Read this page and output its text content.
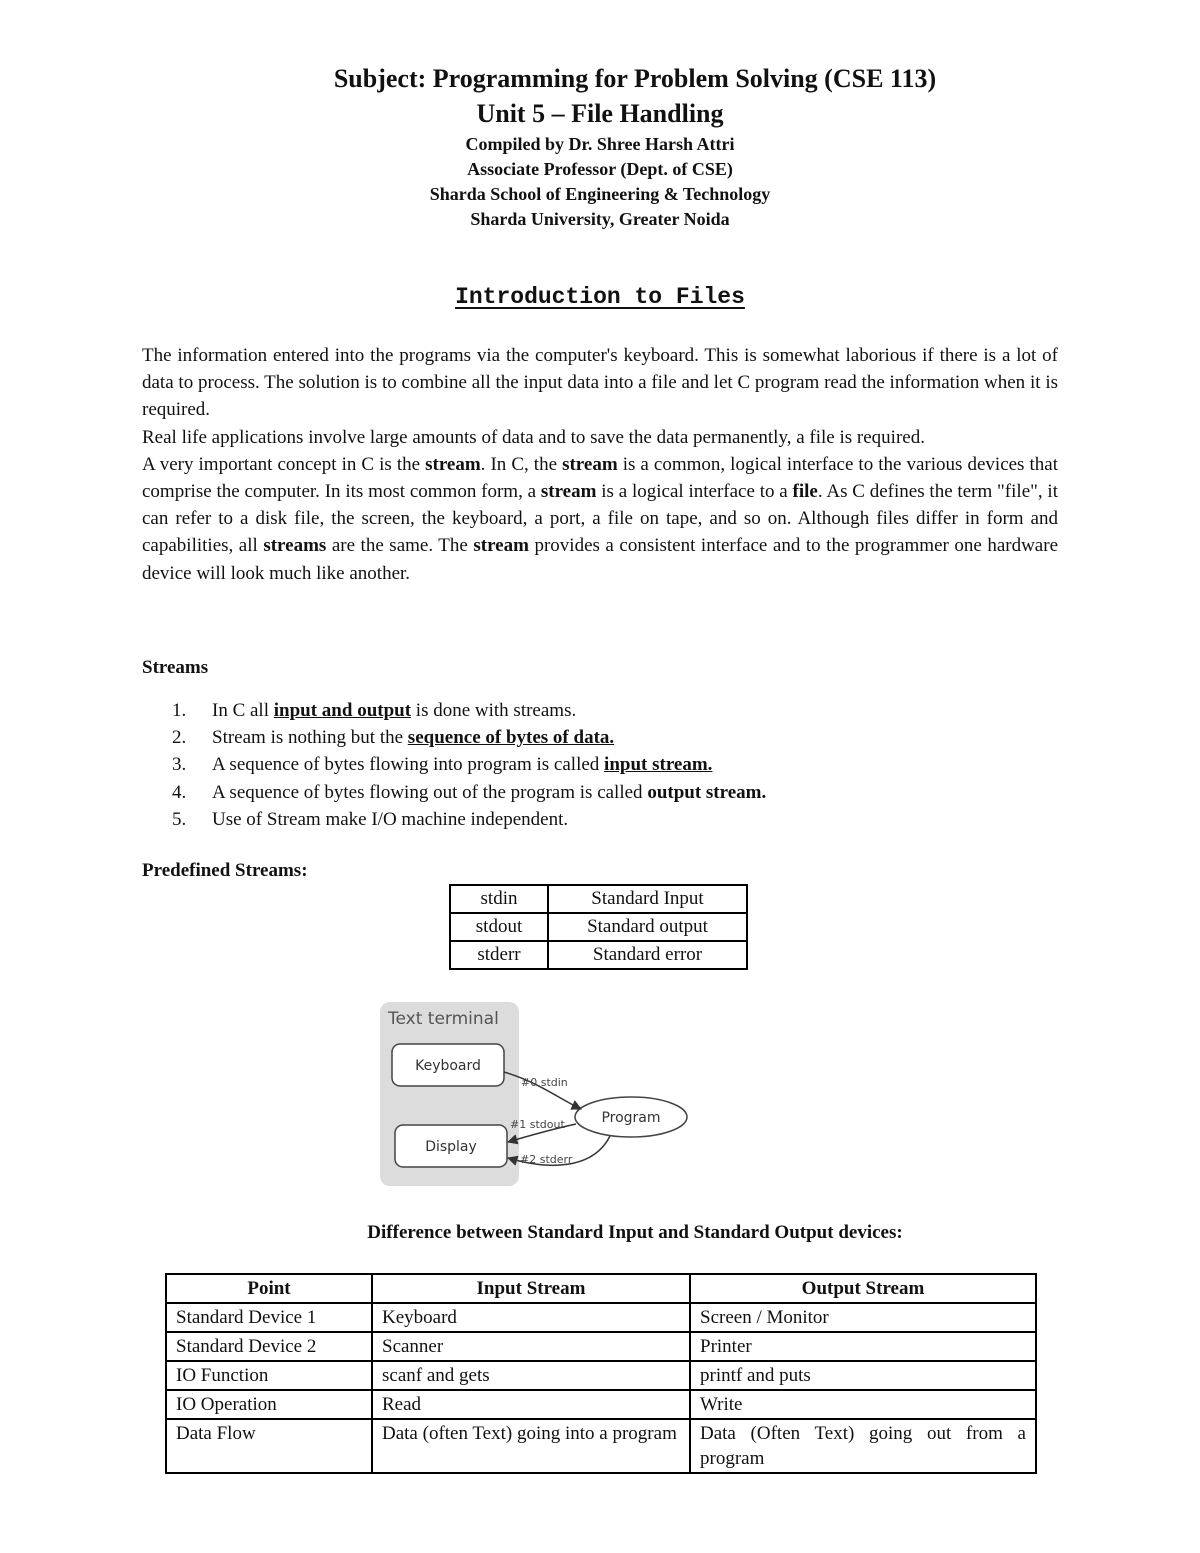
Subject: Programming for Problem Solving (CSE 113)
Unit 5 – File Handling
Compiled by Dr. Shree Harsh Attri
Associate Professor (Dept. of CSE)
Sharda School of Engineering & Technology
Sharda University, Greater Noida
Introduction to Files

The information entered into the programs via the computer's keyboard. This is somewhat laborious if there is a lot of data to process. The solution is to combine all the input data into a file and let C program read the information when it is required.

Real life applications involve large amounts of data and to save the data permanently, a file is required.

A very important concept in C is the stream. In C, the stream is a common, logical interface to the various devices that comprise the computer. In its most common form, a stream is a logical interface to a file. As C defines the term "file", it can refer to a disk file, the screen, the keyboard, a port, a file on tape, and so on. Although files differ in form and capabilities, all streams are the same. The stream provides a consistent interface and to the programmer one hardware device will look much like another.

Streams
1. In C all input and output is done with streams.
2. Stream is nothing but the sequence of bytes of data.
3. A sequence of bytes flowing into program is called input stream.
4. A sequence of bytes flowing out of the program is called output stream.
5. Use of Stream make I/O machine independent.
Predefined Streams:
stdin	Standard Input
stdout	Standard output
stderr	Standard error
Text terminal
Keyboard
Display
Program
#0 stdin
#1 stdout
#2 stderr
Difference between Standard Input and Standard Output devices:
Point	Input Stream	Output Stream
Standard Device 1	Keyboard	Screen / Monitor
Standard Device 2	Scanner	Printer
IO Function	scanf and gets	printf and puts
IO Operation	Read	Write
Data Flow	Data (often Text) going into a program	Data (Often Text) going out from a program
